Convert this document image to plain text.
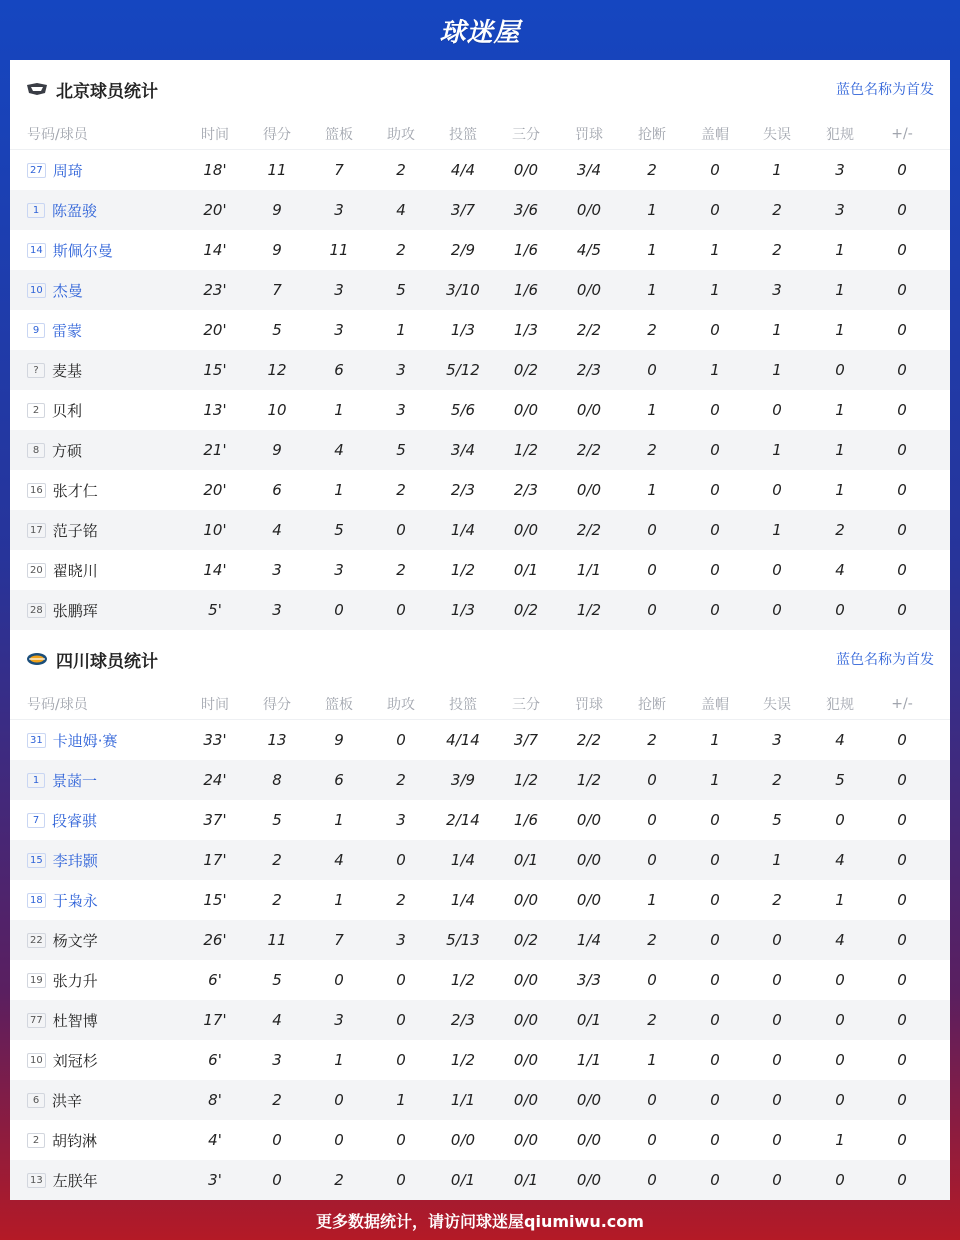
球迷屋
北京球员统计	蓝色名称为首发
号码/球员	时间	得分	篮板	助攻	投篮	三分	罚球	抢断	盖帽	失误	犯规	+/-
27 周琦	18'	11	7	2	4/4	0/0	3/4	2	0	1	3	0
1 陈盈骏	20'	9	3	4	3/7	3/6	0/0	1	0	2	3	0
14 斯佩尔曼	14'	9	11	2	2/9	1/6	4/5	1	1	2	1	0
10 杰曼	23'	7	3	5	3/10	1/6	0/0	1	1	3	1	0
9 雷蒙	20'	5	3	1	1/3	1/3	2/2	2	0	1	1	0
? 麦基	15'	12	6	3	5/12	0/2	2/3	0	1	1	0	0
2 贝利	13'	10	1	3	5/6	0/0	0/0	1	0	0	1	0
8 方硕	21'	9	4	5	3/4	1/2	2/2	2	0	1	1	0
16 张才仁	20'	6	1	2	2/3	2/3	0/0	1	0	0	1	0
17 范子铭	10'	4	5	0	1/4	0/0	2/2	0	0	1	2	0
20 翟晓川	14'	3	3	2	1/2	0/1	1/1	0	0	0	4	0
28 张鹏珲	5'	3	0	0	1/3	0/2	1/2	0	0	0	0	0
四川球员统计	蓝色名称为首发
号码/球员	时间	得分	篮板	助攻	投篮	三分	罚球	抢断	盖帽	失误	犯规	+/-
31 卡迪姆·赛	33'	13	9	0	4/14	3/7	2/2	2	1	3	4	0
1 景菡一	24'	8	6	2	3/9	1/2	1/2	0	1	2	5	0
7 段睿骐	37'	5	1	3	2/14	1/6	0/0	0	0	5	0	0
15 李玮颢	17'	2	4	0	1/4	0/1	0/0	0	0	1	4	0
18 于枭永	15'	2	1	2	1/4	0/0	0/0	1	0	2	1	0
22 杨文学	26'	11	7	3	5/13	0/2	1/4	2	0	0	4	0
19 张力升	6'	5	0	0	1/2	0/0	3/3	0	0	0	0	0
77 杜智博	17'	4	3	0	2/3	0/0	0/1	2	0	0	0	0
10 刘冠杉	6'	3	1	0	1/2	0/0	1/1	1	0	0	0	0
6 洪辛	8'	2	0	1	1/1	0/0	0/0	0	0	0	0	0
2 胡钧淋	4'	0	0	0	0/0	0/0	0/0	0	0	0	1	0
13 左朕年	3'	0	2	0	0/1	0/1	0/0	0	0	0	0	0
更多数据统计，请访问球迷屋qiumiwu.com
